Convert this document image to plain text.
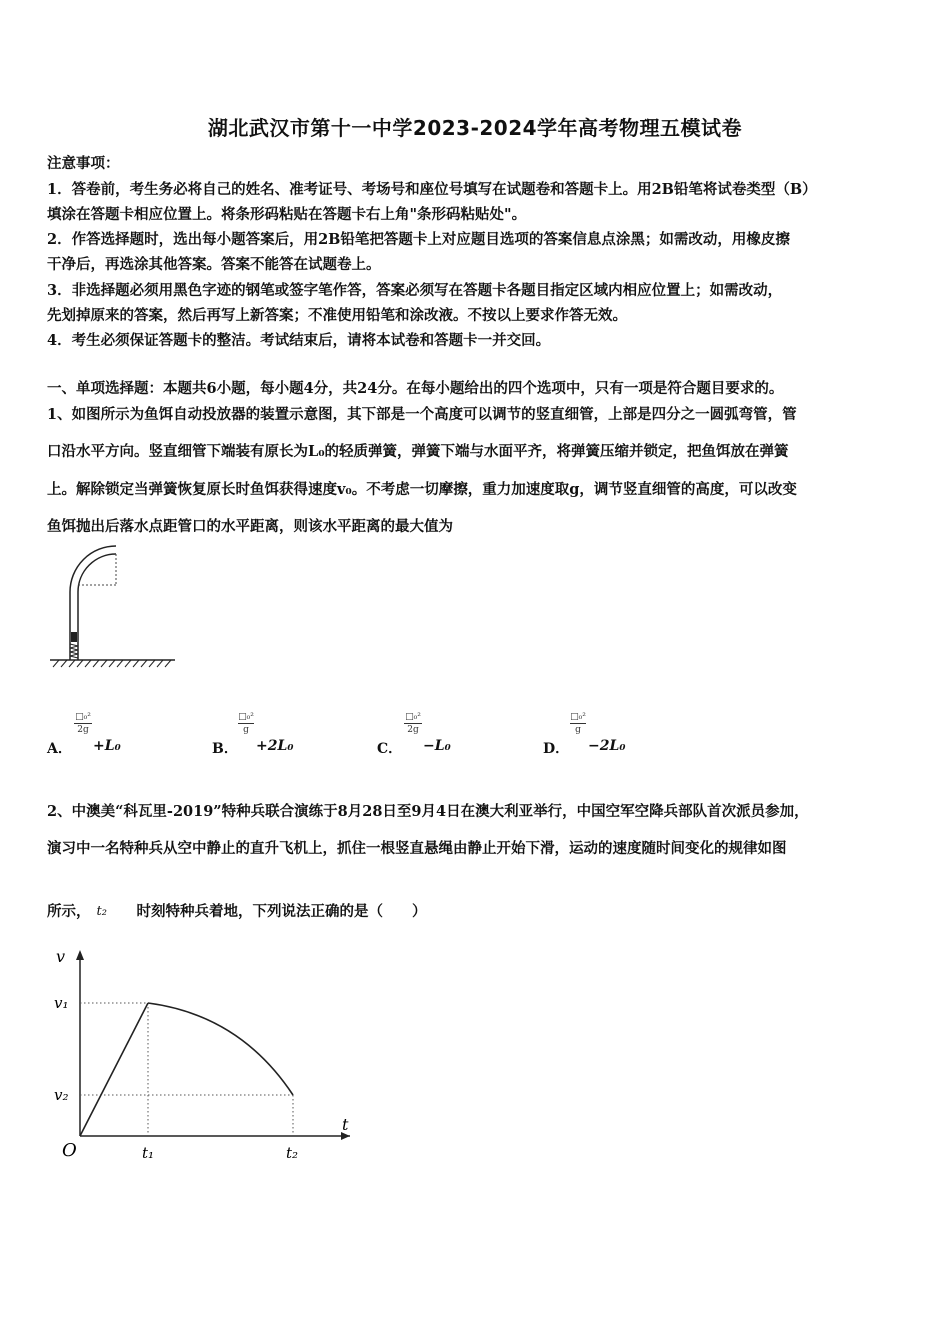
湖北武汉市第十一中学2023-2024学年高考物理五模试卷
注意事项：
1．答卷前，考生务必将自己的姓名、准考证号、考场号和座位号填写在试题卷和答题卡上。用2B铅笔将试卷类型（B）
填涂在答题卡相应位置上。将条形码粘贴在答题卡右上角"条形码粘贴处"。
2．作答选择题时，选出每小题答案后，用2B铅笔把答题卡上对应题目选项的答案信息点涂黑；如需改动，用橡皮擦
干净后，再选涂其他答案。答案不能答在试题卷上。
3．非选择题必须用黑色字迹的钢笔或签字笔作答，答案必须写在答题卡各题目指定区域内相应位置上；如需改动，
先划掉原来的答案，然后再写上新答案；不准使用铅笔和涂改液。不按以上要求作答无效。
4．考生必须保证答题卡的整洁。考试结束后，请将本试卷和答题卡一并交回。
一、单项选择题：本题共6小题，每小题4分，共24分。在每小题给出的四个选项中，只有一项是符合题目要求的。
1、如图所示为鱼饵自动投放器的装置示意图，其下部是一个高度可以调节的竖直细管，上部是四分之一圆弧弯管，管
口沿水平方向。竖直细管下端装有原长为L₀的轻质弹簧，弹簧下端与水面平齐，将弹簧压缩并锁定，把鱼饵放在弹簧
上。解除锁定当弹簧恢复原长时鱼饵获得速度v₀。不考虑一切摩擦，重力加速度取g，调节竖直细管的高度，可以改变
鱼饵抛出后落水点距管口的水平距离，则该水平距离的最大值为
A．
□₀²
2g
+L₀	B．
□₀²
g
+2L₀	C．
□₀²
2g
−L₀	D．
□₀²
g
−2L₀
2、中澳美“科瓦里-2019”特种兵联合演练于8月28日至9月4日在澳大利亚举行，中国空军空降兵部队首次派员参加，
演习中一名特种兵从空中静止的直升飞机上，抓住一根竖直悬绳由静止开始下滑，运动的速度随时间变化的规律如图
所示， t₂ 时刻特种兵着地，下列说法正确的是（　　）
v
t
O
v₁
v₂
t₁	t₂
